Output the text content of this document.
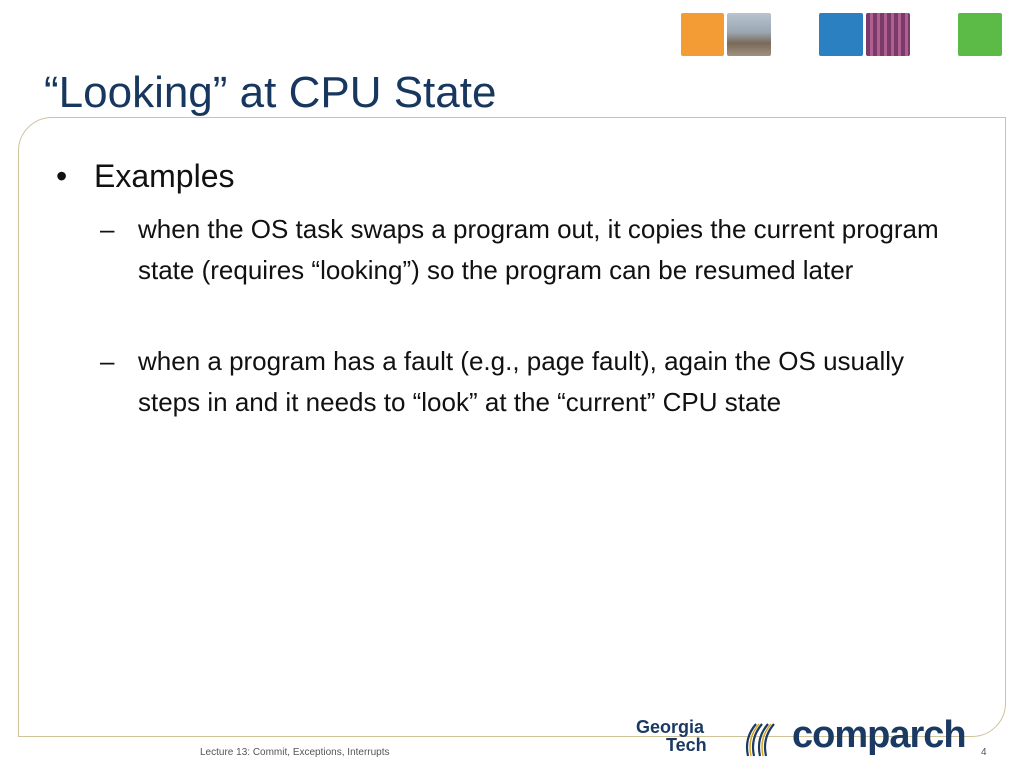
“Looking” at CPU State
• Examples
– when the OS task swaps a program out, it copies the current program state (requires “looking”) so the program can be resumed later
– when a program has a fault (e.g., page fault), again the OS usually steps in and it needs to “look” at the “current” CPU state
Georgia
Tech comparch
Lecture 13: Commit, Exceptions, Interrupts	4
